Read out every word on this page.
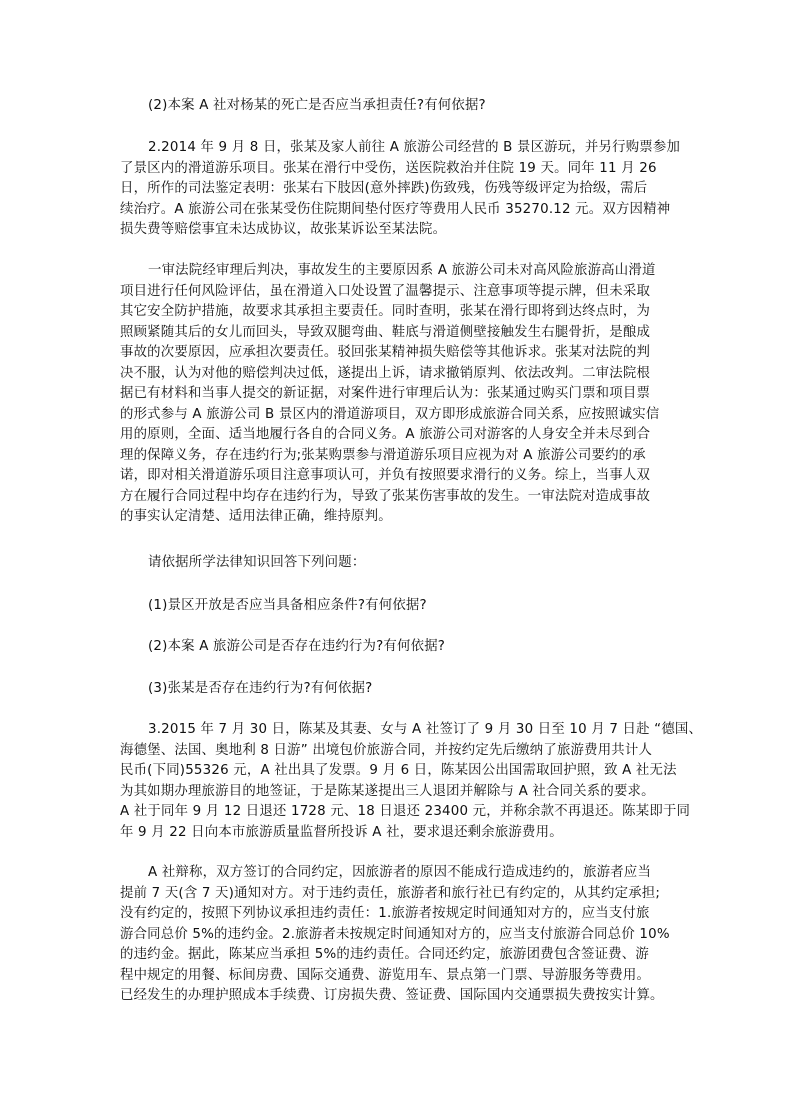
(2)本案 A 社对杨某的死亡是否应当承担责任?有何依据?
2.2014 年 9 月 8 日，张某及家人前往 A 旅游公司经营的 B 景区游玩，并另行购票参加
了景区内的滑道游乐项目。张某在滑行中受伤，送医院救治并住院 19 天。同年 11 月 26
日，所作的司法鉴定表明：张某右下肢因(意外摔跌)伤致残，伤残等级评定为拾级，需后
续治疗。A 旅游公司在张某受伤住院期间垫付医疗等费用人民币 35270.12 元。双方因精神
损失费等赔偿事宜未达成协议，故张某诉讼至某法院。
一审法院经审理后判决，事故发生的主要原因系 A 旅游公司未对高风险旅游高山滑道
项目进行任何风险评估，虽在滑道入口处设置了温馨提示、注意事项等提示牌，但未采取
其它安全防护措施，故要求其承担主要责任。同时查明，张某在滑行即将到达终点时，为
照顾紧随其后的女儿而回头，导致双腿弯曲、鞋底与滑道侧壁接触发生右腿骨折，是酿成
事故的次要原因，应承担次要责任。驳回张某精神损失赔偿等其他诉求。张某对法院的判
决不服，认为对他的赔偿判决过低，遂提出上诉，请求撤销原判、依法改判。二审法院根
据已有材料和当事人提交的新证据，对案件进行审理后认为：张某通过购买门票和项目票
的形式参与 A 旅游公司 B 景区内的滑道游项目，双方即形成旅游合同关系，应按照诚实信
用的原则，全面、适当地履行各自的合同义务。A 旅游公司对游客的人身安全并未尽到合
理的保障义务，存在违约行为;张某购票参与滑道游乐项目应视为对 A 旅游公司要约的承
诺，即对相关滑道游乐项目注意事项认可，并负有按照要求滑行的义务。综上，当事人双
方在履行合同过程中均存在违约行为，导致了张某伤害事故的发生。一审法院对造成事故
的事实认定清楚、适用法律正确，维持原判。
请依据所学法律知识回答下列问题：
(1)景区开放是否应当具备相应条件?有何依据?
(2)本案 A 旅游公司是否存在违约行为?有何依据?
(3)张某是否存在违约行为?有何依据?
3.2015 年 7 月 30 日，陈某及其妻、女与 A 社签订了 9 月 30 日至 10 月 7 日赴 “德国、
海德堡、法国、奥地利 8 日游” 出境包价旅游合同，并按约定先后缴纳了旅游费用共计人
民币(下同)55326 元，A 社出具了发票。9 月 6 日，陈某因公出国需取回护照，致 A 社无法
为其如期办理旅游目的地签证，于是陈某遂提出三人退团并解除与 A 社合同关系的要求。
A 社于同年 9 月 12 日退还 1728 元、18 日退还 23400 元，并称余款不再退还。陈某即于同
年 9 月 22 日向本市旅游质量监督所投诉 A 社，要求退还剩余旅游费用。
A 社辩称，双方签订的合同约定，因旅游者的原因不能成行造成违约的，旅游者应当
提前 7 天(含 7 天)通知对方。对于违约责任，旅游者和旅行社已有约定的，从其约定承担;
没有约定的，按照下列协议承担违约责任：1.旅游者按规定时间通知对方的，应当支付旅
游合同总价 5%的违约金。2.旅游者未按规定时间通知对方的，应当支付旅游合同总价 10%
的违约金。据此，陈某应当承担 5%的违约责任。合同还约定，旅游团费包含签证费、游
程中规定的用餐、标间房费、国际交通费、游览用车、景点第一门票、导游服务等费用。
已经发生的办理护照成本手续费、订房损失费、签证费、国际国内交通票损失费按实计算。
